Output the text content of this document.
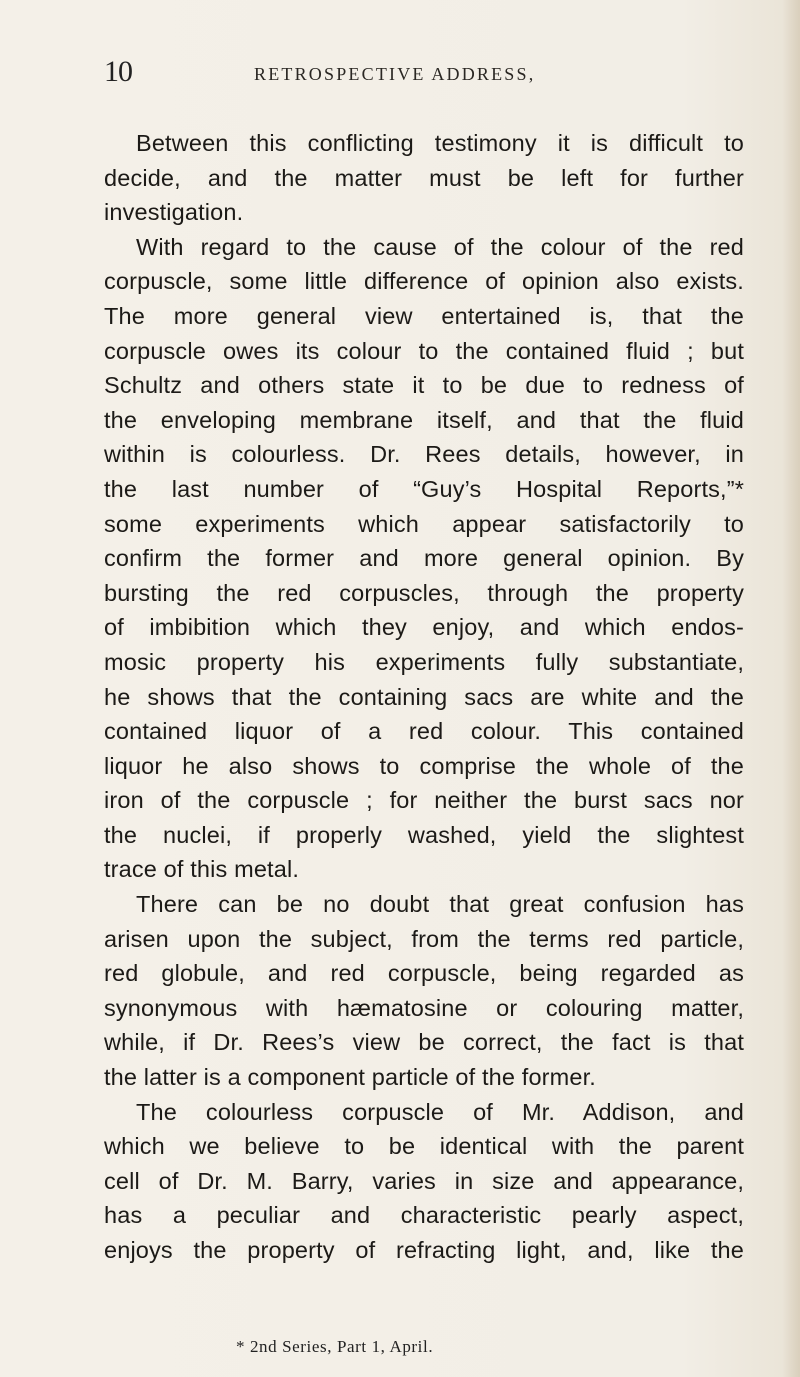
10	RETROSPECTIVE ADDRESS,
Between this conflicting testimony it is difficult to
decide, and the matter must be left for further
investigation.
With regard to the cause of the colour of the red
corpuscle, some little difference of opinion also exists.
The more general view entertained is, that the
corpuscle owes its colour to the contained fluid ; but
Schultz and others state it to be due to redness of
the enveloping membrane itself, and that the fluid
within is colourless. Dr. Rees details, however, in
the last number of “Guy’s Hospital Reports,”*
some experiments which appear satisfactorily to
confirm the former and more general opinion. By
bursting the red corpuscles, through the property
of imbibition which they enjoy, and which endos-
mosic property his experiments fully substantiate,
he shows that the containing sacs are white and the
contained liquor of a red colour. This contained
liquor he also shows to comprise the whole of the
iron of the corpuscle ; for neither the burst sacs nor
the nuclei, if properly washed, yield the slightest
trace of this metal.
There can be no doubt that great confusion has
arisen upon the subject, from the terms red particle,
red globule, and red corpuscle, being regarded as
synonymous with hæmatosine or colouring matter,
while, if Dr. Rees’s view be correct, the fact is that
the latter is a component particle of the former.
The colourless corpuscle of Mr. Addison, and
which we believe to be identical with the parent
cell of Dr. M. Barry, varies in size and appearance,
has a peculiar and characteristic pearly aspect,
enjoys the property of refracting light, and, like the
* 2nd Series, Part 1, April.
